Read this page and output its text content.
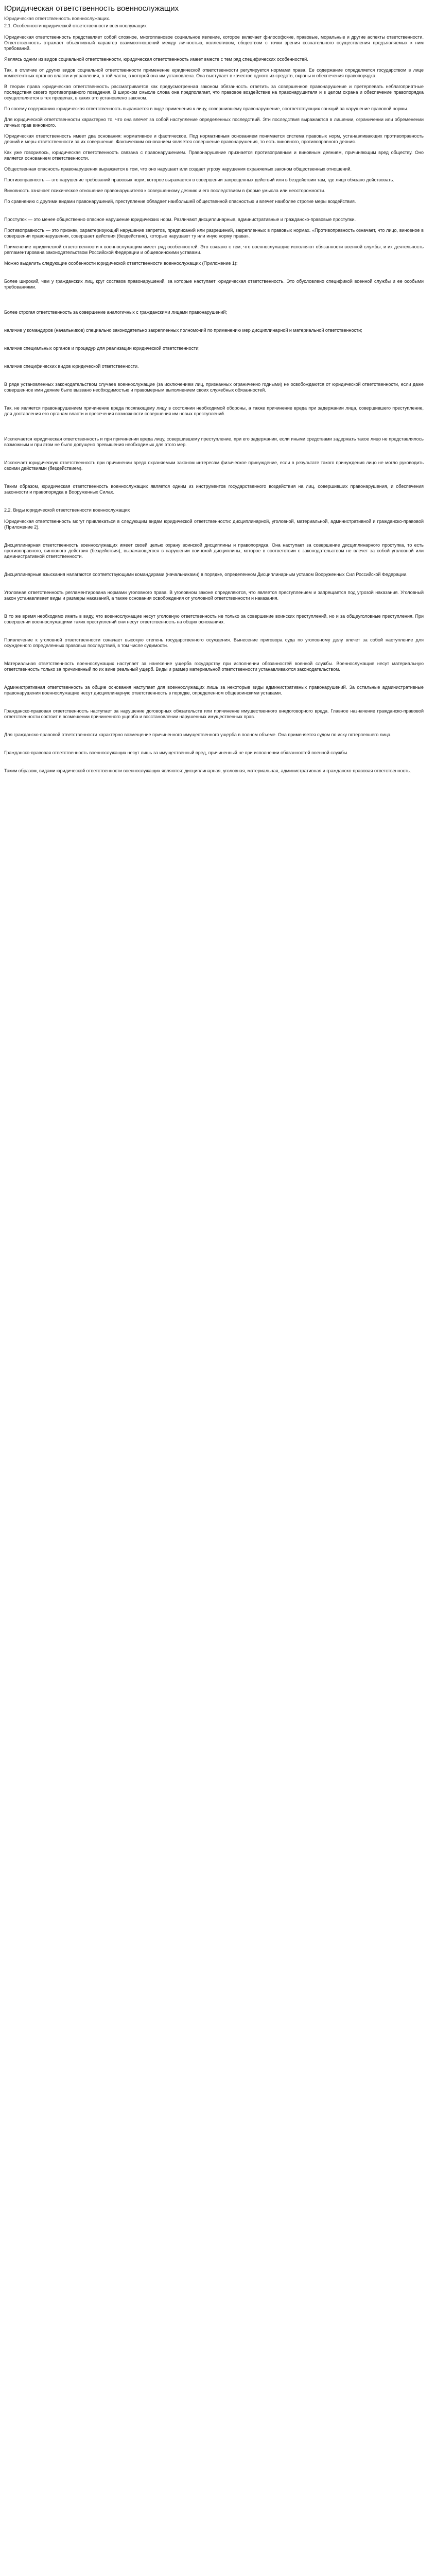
Юридическая ответственность военнослужащих
Юридическая ответственность военнослужащих.
2.1. Особенности юридической ответственности военнослужащих

Юридическая ответственность представляет собой сложное, многоплановое социальное явление, которое включает философские, правовые, моральные и другие аспекты ответственности. Ответственность отражает объективный характер взаимоотношений между личностью, коллективом, обществом с точки зрения сознательного осуществления предъявляемых к ним требований.

Являясь одним из видов социальной ответственности, юридическая ответственность имеет вместе с тем ряд специфических особенностей.

Так, в отличие от других видов социальной ответственности применение юридической ответственности регулируется нормами права. Ее содержание определяется государством в лице компетентных органов власти и управления, в той части, в которой она им установлена. Она выступает в качестве одного из средств, охраны и обеспечения правопорядка.

В теории права юридическая ответственность рассматривается как предусмотренная законом обязанность ответить за совершенное правонарушение и претерпевать неблагоприятные последствия своего противоправного поведения. В широком смысле слова она предполагает, что правовое воздействие на правонарушителя и в целом охрана и обеспечение правопорядка осуществляется в тех пределах, в каких это установлено законом.

По своему содержанию юридическая ответственность выражается в виде применения к лицу, совершившему правонарушение, соответствующих санкций за нарушение правовой нормы.

Для юридической ответственности характерно то, что она влечет за собой наступление определенных последствий. Эти последствия выражаются в лишении, ограничении или обременении личных прав виновного.

Юридическая ответственность имеет два основания: нормативное и фактическое. Под нормативным основанием понимается система правовых норм, устанавливающих противоправность деяний и меры ответственности за их совершение. Фактическим основанием является совершение правонарушения, то есть виновного, противоправного деяния.

Как уже говорилось, юридическая ответственность связана с правонарушением. Правонарушение признается противоправным и виновным деянием, причиняющим вред обществу. Оно является основанием ответственности.

Общественная опасность правонарушения выражается в том, что оно нарушает или создает угрозу нарушения охраняемых законом общественных отношений.

Противоправность — это нарушение требований правовых норм, которое выражается в совершении запрещенных действий или в бездействии там, где лицо обязано действовать.

Виновность означает психическое отношение правонарушителя к совершенному деянию и его последствиям в форме умысла или неосторожности.

По сравнению с другими видами правонарушений, преступление обладает наибольшей общественной опасностью и влечет наиболее строгие меры воздействия.

Проступок — это менее общественно опасное нарушение юридических норм. Различают дисциплинарные, административные и гражданско-правовые проступки.

Противоправность — это признак, характеризующий нарушение запретов, предписаний или разрешений, закрепленных в правовых нормах. «Противоправность означает, что лицо, виновное в совершении правонарушения, совершает действия (бездействие), которые нарушают ту или иную норму права».

Применение юридической ответственности к военнослужащим имеет ряд особенностей. Это связано с тем, что военнослужащие исполняют обязанности военной службы, и их деятельность регламентирована законодательством Российской Федерации и общевоинскими уставами.

Можно выделить следующие особенности юридической ответственности военнослужащих (Приложение 1):

Более широкий, чем у гражданских лиц, круг составов правонарушений, за которые наступает юридическая ответственность. Это обусловлено спецификой военной службы и ее особыми требованиями.

Более строгая ответственность за совершение аналогичных с гражданскими лицами правонарушений;

наличие у командиров (начальников) специально законодательно закрепленных полномочий по применению мер дисциплинарной и материальной ответственности;

наличие специальных органов и процедур для реализации юридической ответственности;

наличие специфических видов юридической ответственности.

В ряде установленных законодательством случаев военнослужащие (за исключением лиц, признанных ограниченно годными) не освобождаются от юридической ответственности, если даже совершенное ими деяние было вызвано необходимостью и правомерным выполнением своих служебных обязанностей.

Так, не является правонарушением причинение вреда посягающему лицу в состоянии необходимой обороны, а также причинение вреда при задержании лица, совершившего преступление, для доставления его органам власти и пресечения возможности совершения им новых преступлений.

Исключается юридическая ответственность и при причинении вреда лицу, совершившему преступление, при его задержании, если иными средствами задержать такое лицо не представлялось возможным и при этом не было допущено превышения необходимых для этого мер.

Исключает юридическую ответственность при причинении вреда охраняемым законом интересам физическое принуждение, если в результате такого принуждения лицо не могло руководить своими действиями (бездействием).

Таким образом, юридическая ответственность военнослужащих является одним из инструментов государственного воздействия на лиц, совершивших правонарушения, и обеспечения законности и правопорядка в Вооруженных Силах.

2.2. Виды юридической ответственности военнослужащих

Юридическая ответственность могут привлекаться в следующим видам юридической ответственности: дисциплинарной, уголовной, материальной, административной и гражданско-правовой (Приложение 2).

Дисциплинарная ответственность военнослужащих имеет своей целью охрану воинской дисциплины и правопорядка. Она наступает за совершение дисциплинарного проступка, то есть противоправного, виновного действия (бездействия), выражающегося в нарушении воинской дисциплины, которое в соответствии с законодательством не влечет за собой уголовной или административной ответственности.

Дисциплинарные взыскания налагаются соответствующими командирами (начальниками) в порядке, определенном Дисциплинарным уставом Вооруженных Сил Российской Федерации.

Уголовная ответственность регламентирована нормами уголовного права. В уголовном законе определяются, что является преступлением и запрещается под угрозой наказания. Уголовный закон устанавливает виды и размеры наказаний, а также основания освобождения от уголовной ответственности и наказания.

В то же время необходимо иметь в виду, что военнослужащие несут уголовную ответственность не только за совершение воинских преступлений, но и за общеуголовные преступления. При совершении военнослужащими таких преступлений они несут ответственность на общих основаниях.

Привлечение к уголовной ответственности означает высокую степень государственного осуждения. Вынесение приговора суда по уголовному делу влечет за собой наступление для осужденного определенных правовых последствий, в том числе судимости.

Материальная ответственность военнослужащих наступает за нанесение ущерба государству при исполнении обязанностей военной службы. Военнослужащие несут материальную ответственность только за причиненный по их вине реальный ущерб. Виды и размер материальной ответственности устанавливаются законодательством.

Административная ответственность за общие основания наступает для военнослужащих лишь за некоторые виды административных правонарушений. За остальные административные правонарушения военнослужащие несут дисциплинарную ответственность в порядке, определенном общевоинскими уставами.

Гражданско-правовая ответственность наступает за нарушение договорных обязательств или причинение имущественного внедоговорного вреда. Главное назначение гражданско-правовой ответственности состоит в возмещении причиненного ущерба и восстановлении нарушенных имущественных прав.

Для гражданско-правовой ответственности характерно возмещение причиненного имущественного ущерба в полном объеме. Она применяется судом по иску потерпевшего лица.

Гражданско-правовая ответственность военнослужащих несут лишь за имущественный вред, причиненный не при исполнении обязанностей военной службы.

Таким образом, видами юридической ответственности военнослужащих являются: дисциплинарная, уголовная, материальная, административная и гражданско-правовая ответственность.
